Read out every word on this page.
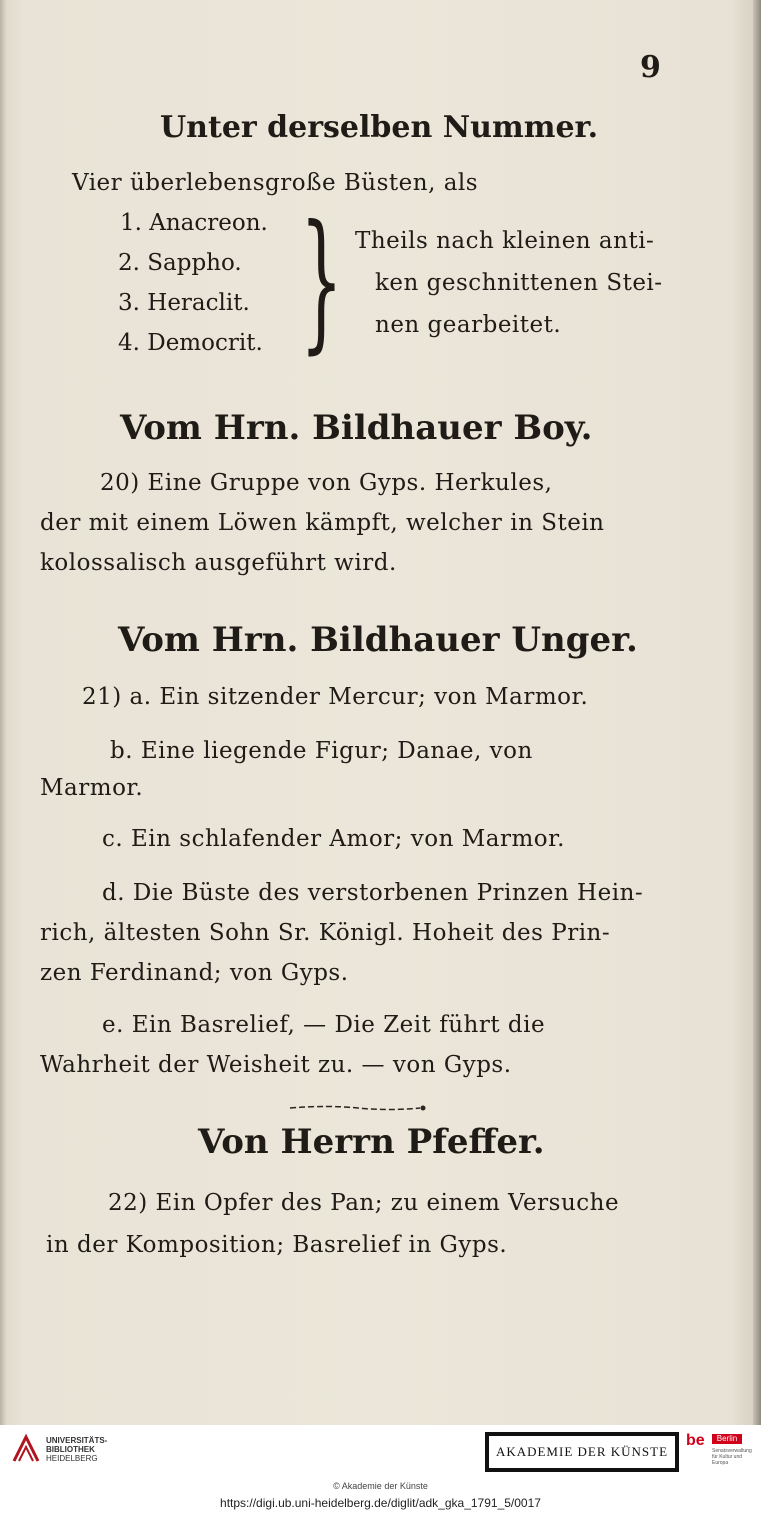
9
Unter derselben Nummer.
Vier überlebensgroße Büsten, als
1. Anacreon.
2. Sappho.
3. Heraclit.
4. Democrit. } Theils nach kleinen anti-
ken geschnittenen Stei-
nen gearbeitet.
Vom Hrn. Bildhauer Boy.
20) Eine Gruppe von Gyps. Herkules,
der mit einem Löwen kämpft, welcher in Stein
kolossalisch ausgeführt wird.
Vom Hrn. Bildhauer Unger.
21) a. Ein sitzender Mercur; von Marmor.
b. Eine liegende Figur; Danae, von
Marmor.
c. Ein schlafender Amor; von Marmor.
d. Die Büste des verstorbenen Prinzen Hein-
rich, ältesten Sohn Sr. Königl. Hoheit des Prin-
zen Ferdinand; von Gyps.
e. Ein Basrelief, — Die Zeit führt die
Wahrheit der Weisheit zu. — von Gyps.
Von Herrn Pfeffer.
22) Ein Opfer des Pan; zu einem Versuche
in der Komposition; Basrelief in Gyps.
UNIVERSITÄTS-
BIBLIOTHEK
HEIDELBERG	AKADEMIE DER KÜNSTE
be	Berlin
Senatsverwaltung für Kultur und Europa
© Akademie der Künste
https://digi.ub.uni-heidelberg.de/diglit/adk_gka_1791_5/0017
